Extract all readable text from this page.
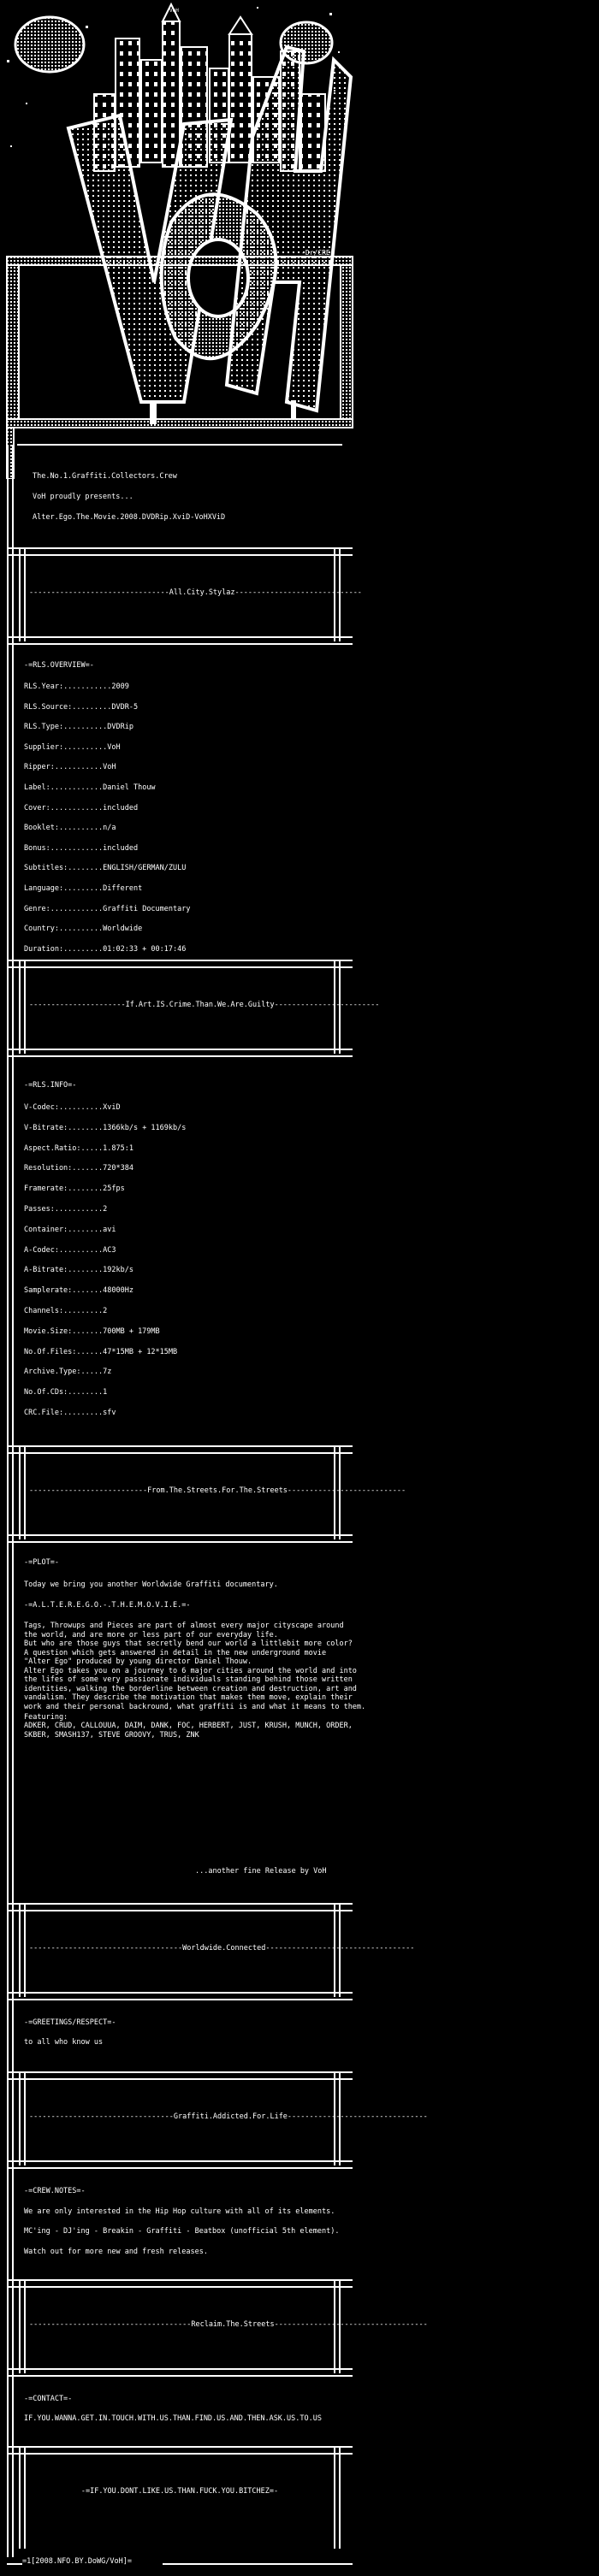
-Dr/CRE-
VoH
The.No.1.Graffiti.Collectors.Crew
VoH proudly presents...
Alter.Ego.The.Movie.2008.DVDRip.XviD-VoHXViD
--------------------------------All.City.Stylaz-----------------------------
-=RLS.OVERVIEW=-
RLS.Year:...........2009
RLS.Source:.........DVDR-5
RLS.Type:..........DVDRip
Supplier:..........VoH
Ripper:...........VoH
Label:............Daniel Thouw
Cover:............included
Booklet:..........n/a
Bonus:............included
Subtitles:........ENGLISH/GERMAN/ZULU
Language:.........Different
Genre:............Graffiti Documentary
Country:..........Worldwide
Duration:.........01:02:33 + 00:17:46
----------------------If.Art.IS.Crime.Than.We.Are.Guilty------------------------
-=RLS.INFO=-
V-Codec:..........XviD
V-Bitrate:........1366kb/s + 1169kb/s
Aspect.Ratio:.....1.875:1
Resolution:.......720*384
Framerate:........25fps
Passes:...........2
Container:........avi
A-Codec:..........AC3
A-Bitrate:........192kb/s
Samplerate:.......48000Hz
Channels:.........2
Movie.Size:.......700MB + 179MB
No.Of.Files:......47*15MB + 12*15MB
Archive.Type:.....7z
No.Of.CDs:........1
CRC.File:.........sfv
---------------------------From.The.Streets.For.The.Streets---------------------------
-=PLOT=-
Today we bring you another Worldwide Graffiti documentary.
-=A.L.T.E.R.E.G.O.-.T.H.E.M.O.V.I.E.=-
Tags, Throwups and Pieces are part of almost every major cityscape around
the world, and are more or less part of our everyday life.
But who are those guys that secretly bend our world a littlebit more color?
A question which gets answered in detail in the new underground movie
"Alter Ego" produced by young director Daniel Thouw.
Alter Ego takes you on a journey to 6 major cities around the world and into
the lifes of some very passionate individuals standing behind those written
identities, walking the borderline between creation and destruction, art and
vandalism. They describe the motivation that makes them move, explain their
work and their personal backround, what graffiti is and what it means to them.
Featuring:
ADKER, CRUD, CALLOUUA, DAIM, DANK, FOC, HERBERT, JUST, KRUSH, MUNCH, ORDER,
SKBER, SMASH137, STEVE GROOVY, TRUS, ZNK
...another fine Release by VoH
-----------------------------------Worldwide.Connected----------------------------------
-=GREETINGS/RESPECT=-
to all who know us
---------------------------------Graffiti.Addicted.For.Life--------------------------------
-=CREW.NOTES=-
We are only interested in the Hip Hop culture with all of its elements.
MC'ing - DJ'ing - Breakin - Graffiti - Beatbox (unofficial 5th element).
Watch out for more new and fresh releases.
-------------------------------------Reclaim.The.Streets-----------------------------------
-=CONTACT=-
IF.YOU.WANNA.GET.IN.TOUCH.WITH.US.THAN.FIND.US.AND.THEN.ASK.US.TO.US
-=IF.YOU.DONT.LIKE.US.THAN.FUCK.YOU.BITCHEZ=-
=1[2008.NFO.BY.DoWG/VoH]=
